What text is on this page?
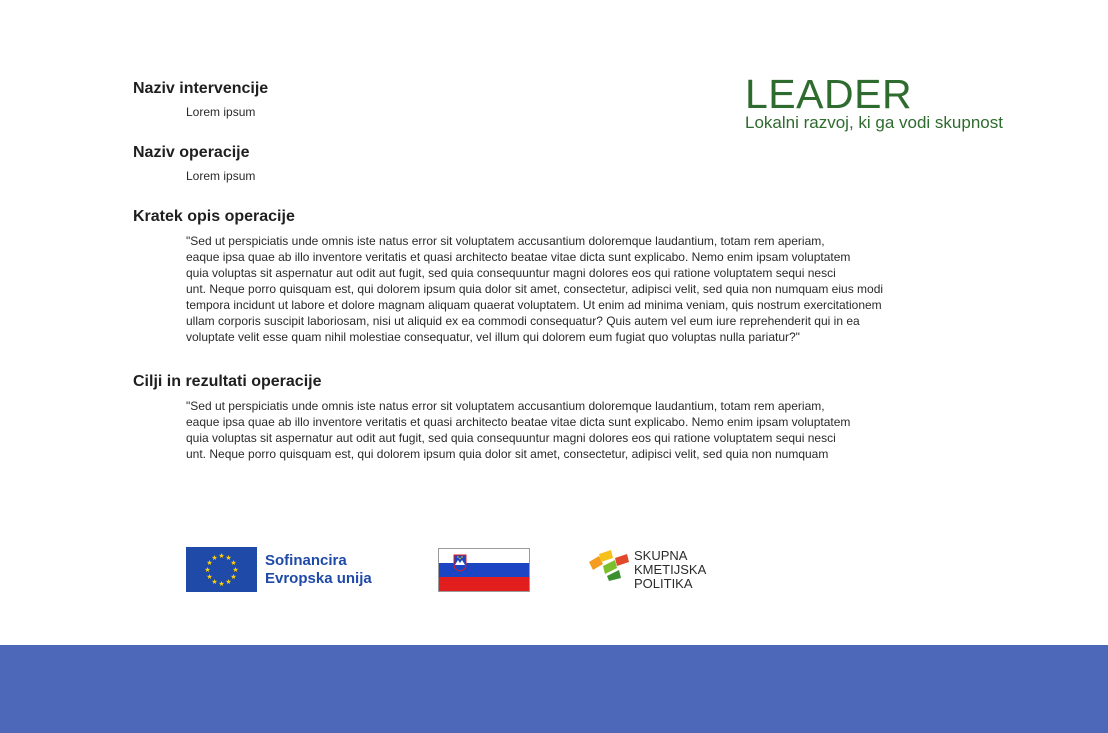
Naziv intervencije

Lorem ipsum

Naziv operacije

Lorem ipsum

Kratek opis operacije

"Sed ut perspiciatis unde omnis iste natus error sit voluptatem accusantium doloremque laudantium, totam rem aperiam,
eaque ipsa quae ab illo inventore veritatis et quasi architecto beatae vitae dicta sunt explicabo. Nemo enim ipsam voluptatem
quia voluptas sit aspernatur aut odit aut fugit, sed quia consequuntur magni dolores eos qui ratione voluptatem sequi nesci
unt. Neque porro quisquam est, qui dolorem ipsum quia dolor sit amet, consectetur, adipisci velit, sed quia non numquam eius modi
tempora incidunt ut labore et dolore magnam aliquam quaerat voluptatem. Ut enim ad minima veniam, quis nostrum exercitationem
ullam corporis suscipit laboriosam, nisi ut aliquid ex ea commodi consequatur? Quis autem vel eum iure reprehenderit qui in ea
voluptate velit esse quam nihil molestiae consequatur, vel illum qui dolorem eum fugiat quo voluptas nulla pariatur?"

Cilji in rezultati operacije

"Sed ut perspiciatis unde omnis iste natus error sit voluptatem accusantium doloremque laudantium, totam rem aperiam,
eaque ipsa quae ab illo inventore veritatis et quasi architecto beatae vitae dicta sunt explicabo. Nemo enim ipsam voluptatem
quia voluptas sit aspernatur aut odit aut fugit, sed quia consequuntur magni dolores eos qui ratione voluptatem sequi nesci
unt. Neque porro quisquam est, qui dolorem ipsum quia dolor sit amet, consectetur, adipisci velit, sed quia non numquam

LEADER
Lokalni razvoj, ki ga vodi skupnost
★ ★
★
★
★
★
★
★
★
★
★
★	Sofinancira
Evropska unija
SKUPNA
KMETIJSKA
POLITIKA
